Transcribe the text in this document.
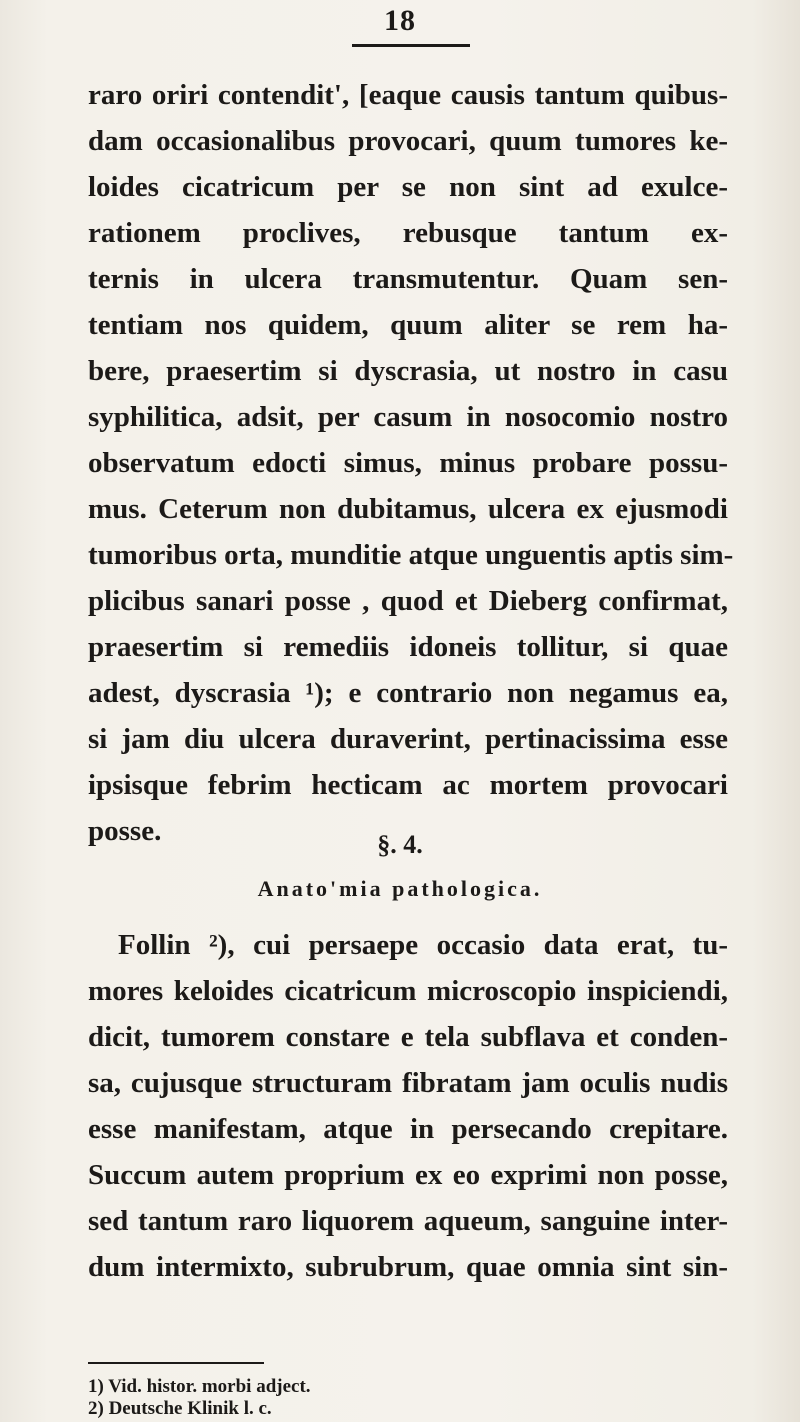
18
raro oriri contendit', [eaque causis tantum quibus-
dam occasionalibus provocari, quum tumores ke-
loides cicatricum per se non sint ad exulce-
rationem proclives, rebusque tantum ex-
ternis in ulcera transmutentur. Quam sen-
tentiam nos quidem, quum aliter se rem ha-
bere, praesertim si dyscrasia, ut nostro in casu
syphilitica, adsit, per casum in nosocomio nostro
observatum edocti simus, minus probare possu-
mus. Ceterum non dubitamus, ulcera ex ejusmodi
tumoribus orta, munditie atque unguentis aptis sim-
plicibus sanari posse , quod et Dieberg confirmat,
praesertim si remediis idoneis tollitur, si quae
adest, dyscrasia ¹); e contrario non negamus ea,
si jam diu ulcera duraverint, pertinacissima esse
ipsisque febrim hecticam ac mortem provocari
posse.	§. 4.
Anato'mia pathologica.
Follin ²), cui persaepe occasio data erat, tu-
mores keloides cicatricum microscopio inspiciendi,
dicit, tumorem constare e tela subflava et conden-
sa, cujusque structuram fibratam jam oculis nudis
esse manifestam, atque in persecando crepitare.
Succum autem proprium ex eo exprimi non posse,
sed tantum raro liquorem aqueum, sanguine inter-
dum intermixto, subrubrum, quae omnia sint sin-
1) Vid. histor. morbi adject.
2) Deutsche Klinik l. c.
